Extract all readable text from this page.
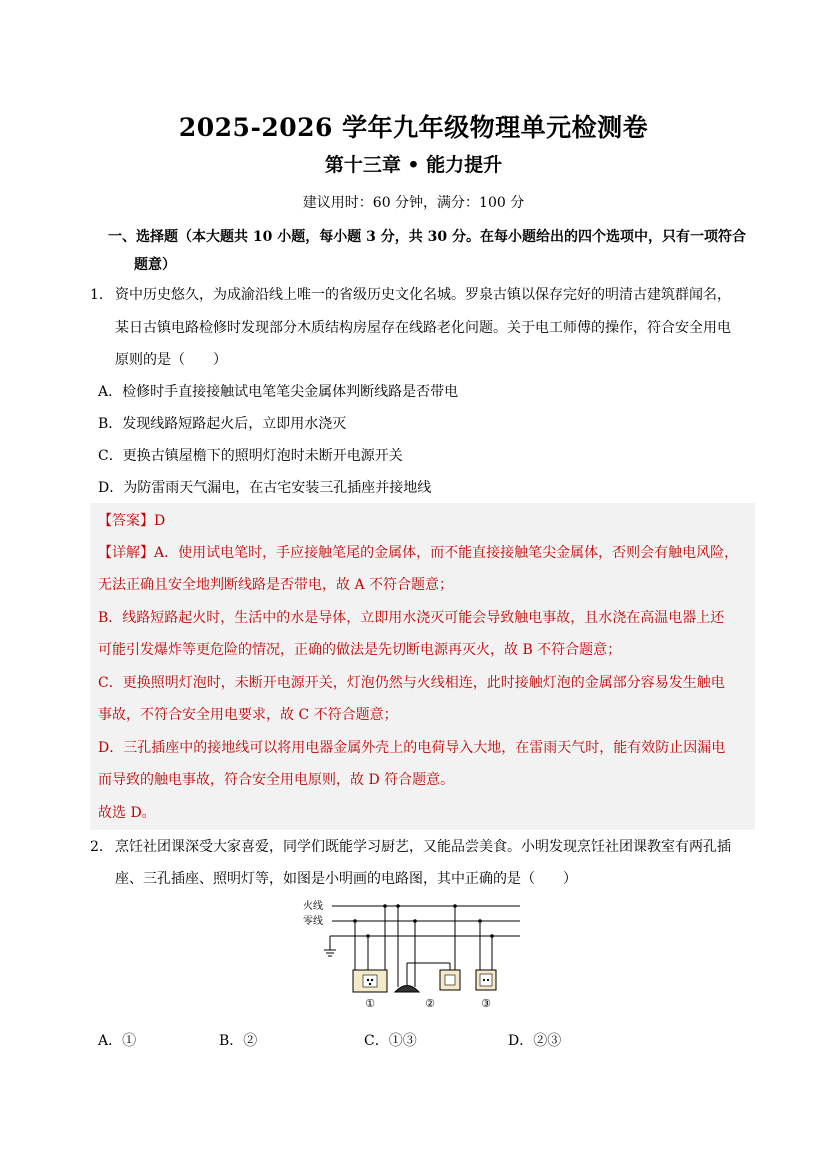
2025-2026 学年九年级物理单元检测卷
第十三章 • 能力提升
建议用时：60 分钟，满分：100 分
一、选择题（本大题共 10 小题，每小题 3 分，共 30 分。在每小题给出的四个选项中，只有一项符合
题意）
1． 资中历史悠久，为成渝沿线上唯一的省级历史文化名城。罗泉古镇以保存完好的明清古建筑群闻名，
某日古镇电路检修时发现部分木质结构房屋存在线路老化问题。关于电工师傅的操作，符合安全用电
原则的是（　　）
A．检修时手直接接触试电笔笔尖金属体判断线路是否带电
B．发现线路短路起火后，立即用水浇灭
C．更换古镇屋檐下的照明灯泡时未断开电源开关
D．为防雷雨天气漏电，在古宅安装三孔插座并接地线
【答案】D
【详解】A．使用试电笔时，手应接触笔尾的金属体，而不能直接接触笔尖金属体，否则会有触电风险，
无法正确且安全地判断线路是否带电，故 A 不符合题意；
B．线路短路起火时，生活中的水是导体，立即用水浇灭可能会导致触电事故，且水浇在高温电器上还
可能引发爆炸等更危险的情况，正确的做法是先切断电源再灭火，故 B 不符合题意；
C．更换照明灯泡时，未断开电源开关，灯泡仍然与火线相连，此时接触灯泡的金属部分容易发生触电
事故，不符合安全用电要求，故 C 不符合题意；
D．三孔插座中的接地线可以将用电器金属外壳上的电荷导入大地，在雷雨天气时，能有效防止因漏电
而导致的触电事故，符合安全用电原则，故 D 符合题意。
故选 D。
2． 烹饪社团课深受大家喜爱，同学们既能学习厨艺，又能品尝美食。小明发现烹饪社团课教室有两孔插
座、三孔插座、照明灯等，如图是小明画的电路图，其中正确的是（　　）
火线
零线
①	②	③
A．①	B．②	C．①③	D．②③
